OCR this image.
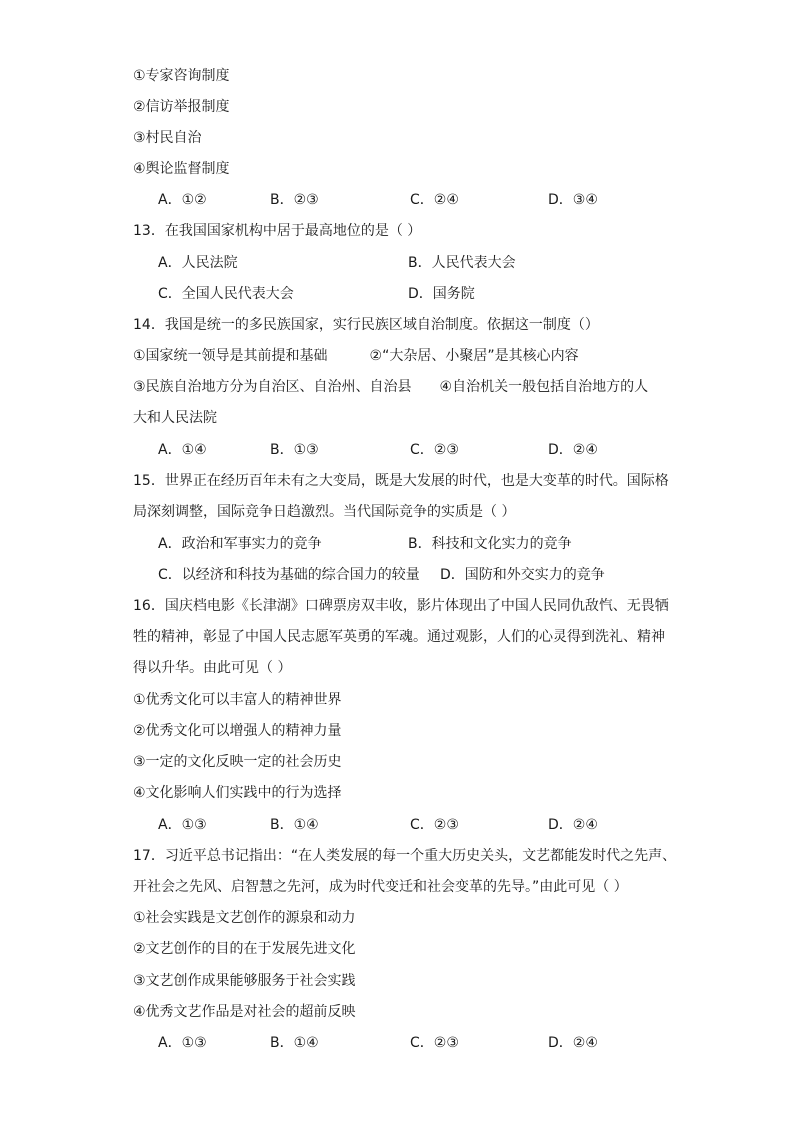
①专家咨询制度
②信访举报制度
③村民自治
④舆论监督制度
A．①②	B．②③	C．②④	D．③④
13．在我国国家机构中居于最高地位的是（ ）
A．人民法院	B．人民代表大会
C．全国人民代表大会	D．国务院
14．我国是统一的多民族国家，实行民族区域自治制度。依据这一制度（）
①国家统一领导是其前提和基础　　　②“大杂居、小聚居”是其核心内容
③民族自治地方分为自治区、自治州、自治县　　④自治机关一般包括自治地方的人
大和人民法院
A．①④	B．①③	C．②③	D．②④
15．世界正在经历百年未有之大变局，既是大发展的时代，也是大变革的时代。国际格
局深刻调整，国际竞争日趋激烈。当代国际竞争的实质是（ ）
A．政治和军事实力的竞争	B．科技和文化实力的竞争
C．以经济和科技为基础的综合国力的较量 D．国防和外交实力的竞争
16．国庆档电影《长津湖》口碑票房双丰收，影片体现出了中国人民同仇敌忾、无畏牺
牲的精神，彰显了中国人民志愿军英勇的军魂。通过观影，人们的心灵得到洗礼、精神
得以升华。由此可见（ ）
①优秀文化可以丰富人的精神世界
②优秀文化可以增强人的精神力量
③一定的文化反映一定的社会历史
④文化影响人们实践中的行为选择
A．①③	B．①④	C．②③	D．②④
17．习近平总书记指出：“在人类发展的每一个重大历史关头，文艺都能发时代之先声、
开社会之先风、启智慧之先河，成为时代变迁和社会变革的先导。”由此可见（ ）
①社会实践是文艺创作的源泉和动力
②文艺创作的目的在于发展先进文化
③文艺创作成果能够服务于社会实践
④优秀文艺作品是对社会的超前反映
A．①③	B．①④	C．②③	D．②④
